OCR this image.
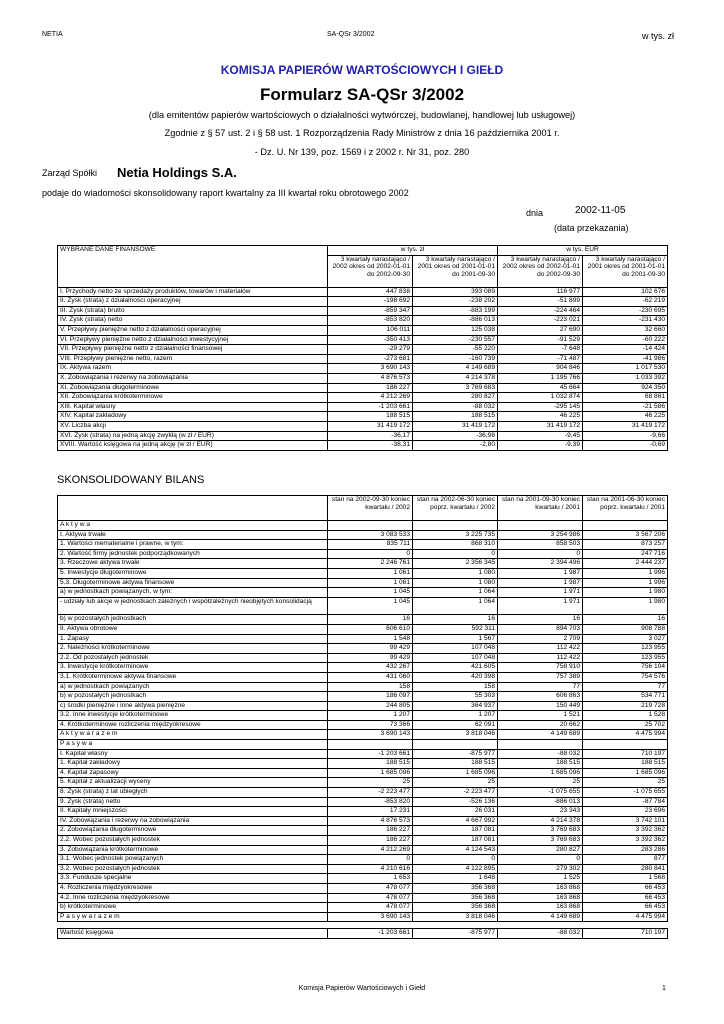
NETIA	SA-QSr 3/2002	w tys. zł
KOMISJA PAPIERÓW WARTOŚCIOWYCH I GIEŁD
Formularz SA-QSr 3/2002
(dla emitentów papierów wartościowych o działalności wytwórczej, budowlanej, handlowej lub usługowej)
Zgodnie z § 57 ust. 2 i § 58 ust. 1 Rozporządzenia Rady Ministrów z dnia 16 października 2001 r.
- Dz. U. Nr 139, poz. 1569 i z 2002 r. Nr 31, poz. 280
Zarząd Spółki Netia Holdings S.A.
podaje do wiadomości skonsolidowany raport kwartalny za III kwartał roku obrotowego 2002
dnia	2002-11-05
(data przekazania)
WYBRANE DANE FINANSOWE	w tys. zł		w tys. EUR	
	3 kwartały narastająco / 2002 okres od 2002-01-01 do 2002-09-30	3 kwartały narastająco / 2001 okres od 2001-01-01 do 2001-09-30	3 kwartały narastająco / 2002 okres od 2002-01-01 do 2002-09-30	3 kwartały narastająco / 2001 okres od 2001-01-01 do 2001-09-30
I. Przychody netto ze sprzedaży produktów, towarów i materiałów	447 838	393 089	116 977	102 676
II. Zysk (strata) z działalności operacyjnej	-198 692	-238 202	-51 899	-62 219
III. Zysk (strata) brutto	-859 347	-883 199	-224 464	-230 695
IV. Zysk (strata) netto	-853 820	-886 013	-223 021	-231 430
V. Przepływy pieniężne netto z działalności operacyjnej	106 011	125 038	27 690	32 660
VI. Przepływy pieniężne netto z działalności inwestycyjnej	-350 413	-230 557	-91 529	-60 222
VII. Przepływy pieniężne netto z działalności finansowej	-29 279	-55 220	-7 648	-14 424
VIII. Przepływy pieniężne netto, razem	-273 681	-160 739	-71 487	-41 986
IX. Aktywa razem	3 690 143	4 149 689	904 846	1 017 530
X. Zobowiązania i rezerwy na zobowiązania	4 876 573	4 214 378	1 195 766	1 033 392
XI. Zobowiązania długoterminowe	186 227	3 769 683	45 664	924 350
XII. Zobowiązania krótkoterminowe	4 212 269	280 827	1 032 874	68 861
XIII. Kapitał własny	-1 203 661	-88 032	-295 145	-21 586
XIV. Kapitał zakładowy	188 515	188 515	46 225	46 225
XV. Liczba akcji	31 419 172	31 419 172	31 419 172	31 419 172
XVI. Zysk (strata) na jedną akcję zwykłą (w zł / EUR)	-36,17	-36,98	-9,45	-9,66
XVIII. Wartość księgowa na jedną akcję (w zł / EUR)	-38,31	-2,80	-9,39	-0,69
SKONSOLIDOWANY BILANS
	stan na 2002-09-30 koniec kwartału / 2002	stan na 2002-06-30 koniec poprz. kwartału / 2002	stan na 2001-09-30 koniec kwartału / 2001	stan na 2001-06-30 koniec poprz. kwartału / 2001
A k t y w a				
I. Aktywa trwałe	3 083 533	3 225 735	3 254 986	3 567 206
1. Wartości niematerialne i prawne, w tym:	835 711	868 310	858 503	873 257
2. Wartość firmy jednostek podporządkowanych	0	0	0	247 716
3. Rzeczowe aktywa trwałe	2 246 761	2 356 345	2 394 496	2 444 237
5. Inwestycje długoterminowe	1 061	1 080	1 987	1 996
5.3. Długoterminowe aktywa finansowe	1 061	1 080	1 987	1 996
a) w jednostkach powiązanych, w tym:	1 045	1 064	1 971	1 980
- udziały lub akcje w jednostkach zależnych i współzależnych nieobjętych konsolidacją	1 045	1 064	1 971	1 980
b) w pozostałych jednostkach	16	16	16	16
II. Aktywa obrotowe	606 610	592 311	894 703	908 788
1. Zapasy	1 548	1 567	2 709	3 027
2. Należności krótkoterminowe	99 429	107 048	112 422	123 955
2.2. Od pozostałych jednostek	99 429	107 048	112 422	123 955
3. Inwestycje krótkoterminowe	432 267	421 605	758 910	756 104
3.1. Krótkoterminowe aktywa finansowe	431 060	420 398	757 389	754 576
a) w jednostkach powiązanych	158	158	77	77
b) w pozostałych jednostkach	186 097	55 303	606 863	534 771
c) środki pieniężne i inne aktywa pieniężne	244 805	364 937	150 449	219 728
3.2. Inne inwestycje krótkoterminowe	1 207	1 207	1 521	1 528
4. Krótkoterminowe rozliczenia międzyokresowe	73 366	62 091	20 662	25 702
A k t y w a r a z e m	3 690 143	3 818 046	4 149 689	4 475 994
P a s y w a				
I. Kapitał własny	-1 203 661	-875 977	-88 032	710 197
1. Kapitał zakładowy	188 515	188 515	188 515	188 515
4. Kapitał zapasowy	1 685 096	1 685 096	1 685 096	1 685 096
5. Kapitał z aktualizacji wyceny	25	25	25	25
8. Zysk (strata) z lat ubiegłych	-2 223 477	-2 223 477	-1 075 655	-1 075 655
9. Zysk (strata) netto	-853 820	-526 136	-886 013	-87 784
II. Kapitały mniejszości	17 231	26 031	23 343	23 696
IV. Zobowiązania i rezerwy na zobowiązania	4 876 573	4 667 992	4 214 378	3 742 101
2. Zobowiązania długoterminowe	186 227	187 081	3 769 683	3 392 362
2.2. Wobec pozostałych jednostek	186 227	187 081	3 769 683	3 392 362
3. Zobowiązania krótkoterminowe	4 212 269	4 124 543	280 827	283 286
3.1. Wobec jednostek powiązanych	0	0	0	877
3.2. Wobec pozostałych jednostek	4 210 616	4 122 895	279 302	280 841
3.3. Fundusze specjalne	1 653	1 648	1 525	1 568
4. Rozliczenia międzyokresowe	478 077	356 368	163 868	66 453
4.2. Inne rozliczenia międzyokresowe	478 077	356 368	163 868	66 453
b) krótkoterminowe	478 077	356 368	163 868	66 453
P a s y w a r a z e m	3 690 143	3 818 046	4 149 689	4 475 994

Wartość księgowa	-1 203 661	-875 977	-88 032	710 197
Komisja Papierów Wartościowych i Giełd	1
